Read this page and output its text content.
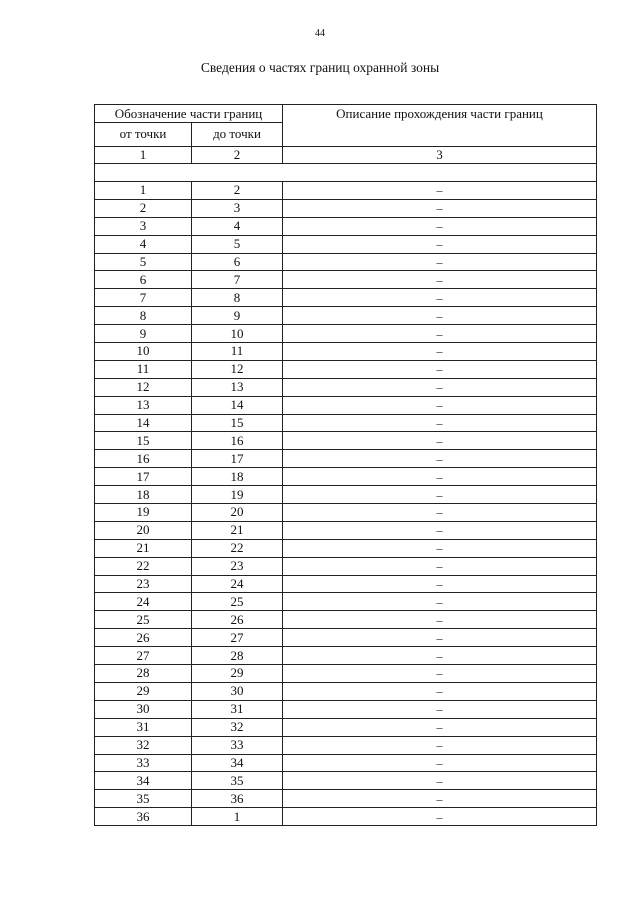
44
Сведения о частях границ охранной зоны
Обозначение части границ		Описание прохождения части границ
от точки	до точки	
1	2	3

1	2	–
2	3	–
3	4	–
4	5	–
5	6	–
6	7	–
7	8	–
8	9	–
9	10	–
10	11	–
11	12	–
12	13	–
13	14	–
14	15	–
15	16	–
16	17	–
17	18	–
18	19	–
19	20	–
20	21	–
21	22	–
22	23	–
23	24	–
24	25	–
25	26	–
26	27	–
27	28	–
28	29	–
29	30	–
30	31	–
31	32	–
32	33	–
33	34	–
34	35	–
35	36	–
36	1	–
